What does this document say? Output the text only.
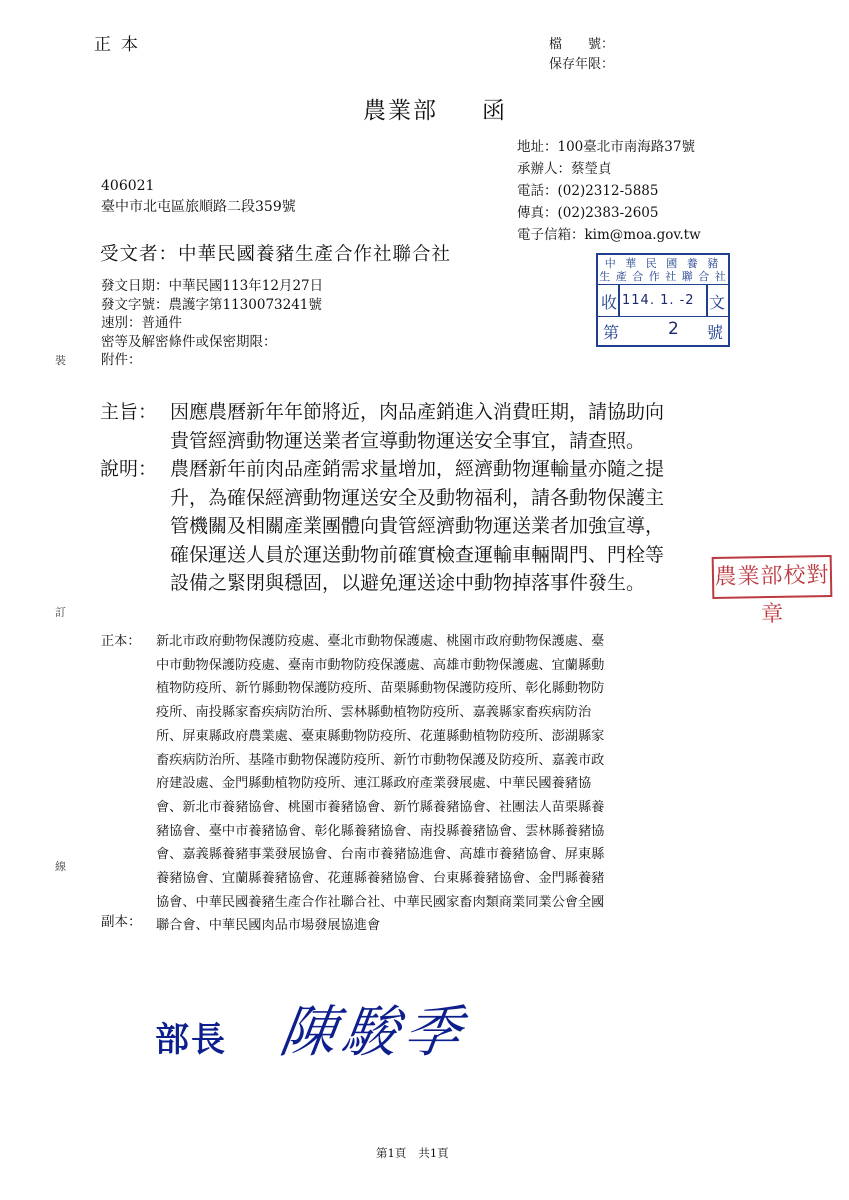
正本	檔　　號：
保存年限：
農業部 函
地址：100臺北市南海路37號
承辦人：蔡瑩貞
電話：(02)2312-5885
傳真：(02)2383-2605
電子信箱：kim@moa.gov.tw
406021
臺中市北屯區旅順路二段359號
受文者：中華民國養豬生產合作社聯合社
發文日期：中華民國113年12月27日
發文字號：農護字第1130073241號
速別：普通件
密等及解密條件或保密期限：
附件：
中 華 民 國 養 豬
生 產 合 作 社 聯 合 社
收 114. 1. -2 文
第	2 號
主旨： 因應農曆新年年節將近，肉品產銷進入消費旺期，請協助向
貴管經濟動物運送業者宣導動物運送安全事宜，請查照。
說明： 農曆新年前肉品產銷需求量增加，經濟動物運輸量亦隨之提
升，為確保經濟動物運送安全及動物福利，請各動物保護主
管機關及相關產業團體向貴管經濟動物運送業者加強宣導，
確保運送人員於運送動物前確實檢查運輸車輛閘門、門栓等
設備之緊閉與穩固，以避免運送途中動物掉落事件發生。	農業部校對章
正本： 新北市政府動物保護防疫處、臺北市動物保護處、桃園市政府動物保護處、臺
中市動物保護防疫處、臺南市動物防疫保護處、高雄市動物保護處、宜蘭縣動
植物防疫所、新竹縣動物保護防疫所、苗栗縣動物保護防疫所、彰化縣動物防
疫所、南投縣家畜疾病防治所、雲林縣動植物防疫所、嘉義縣家畜疾病防治
所、屏東縣政府農業處、臺東縣動物防疫所、花蓮縣動植物防疫所、澎湖縣家
畜疾病防治所、基隆市動物保護防疫所、新竹市動物保護及防疫所、嘉義市政
府建設處、金門縣動植物防疫所、連江縣政府產業發展處、中華民國養豬協
會、新北市養豬協會、桃園市養豬協會、新竹縣養豬協會、社團法人苗栗縣養
豬協會、臺中市養豬協會、彰化縣養豬協會、南投縣養豬協會、雲林縣養豬協
會、嘉義縣養豬事業發展協會、台南市養豬協進會、高雄市養豬協會、屏東縣
養豬協會、宜蘭縣養豬協會、花蓮縣養豬協會、台東縣養豬協會、金門縣養豬
協會、中華民國養豬生產合作社聯合社、中華民國家畜肉類商業同業公會全國
聯合會、中華民國肉品市場發展協進會
副本：
部長 陳駿季
第1頁 共1頁
裝
訂
線
